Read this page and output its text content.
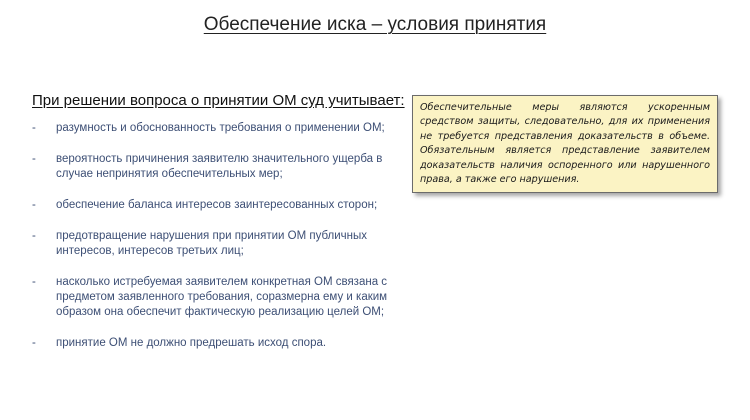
Обеспечение иска – условия принятия
При решении вопроса о принятии ОМ суд учитывает:
- разумность и обоснованность требования о применении ОМ;
- вероятность причинения заявителю значительного ущерба в случае непринятия обеспечительных мер;
- обеспечение баланса интересов заинтересованных сторон;
- предотвращение нарушения при принятии ОМ публичных интересов, интересов третьих лиц;
- насколько истребуемая заявителем конкретная ОМ связана с предметом заявленного требования, соразмерна ему и каким образом она обеспечит фактическую реализацию целей ОМ;
- принятие ОМ не должно предрешать исход спора.
Обеспечительные меры являются ускоренным средством защиты, следовательно, для их применения не требуется представления доказательств в объеме. Обязательным является представление заявителем доказательств наличия оспоренного или нарушенного права, а также его нарушения.
